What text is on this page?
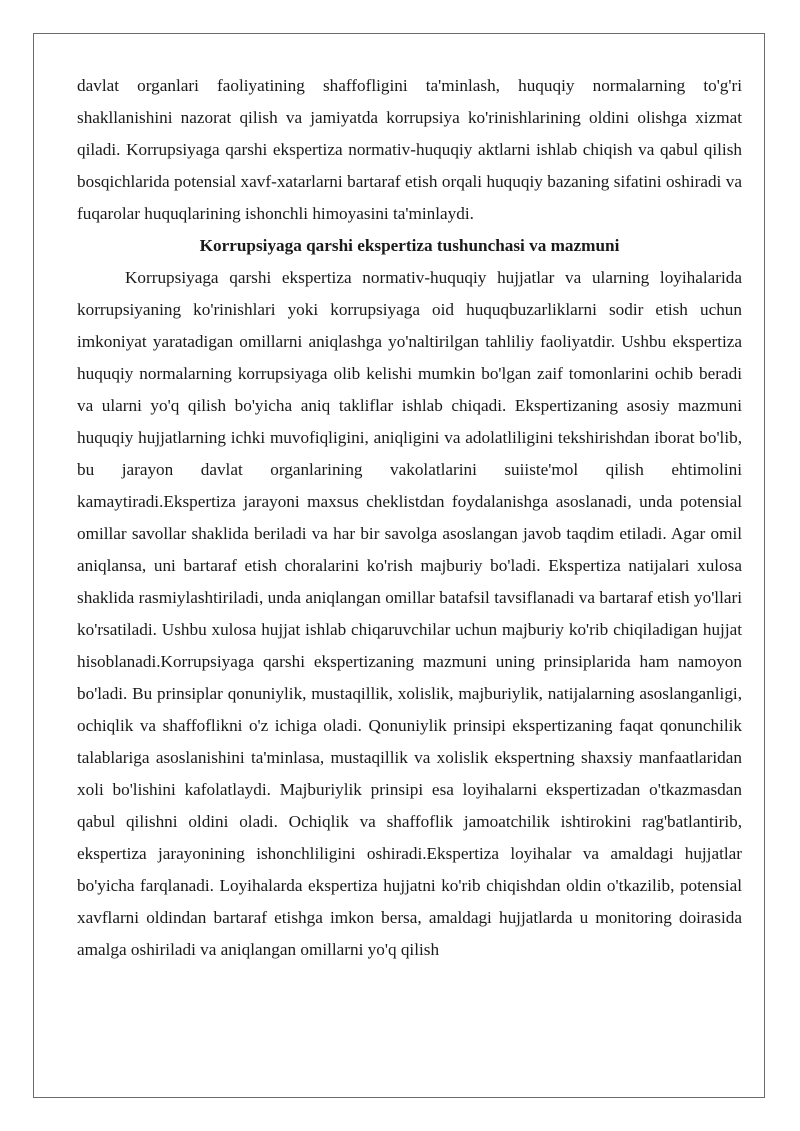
davlat organlari faoliyatining shaffofligini ta'minlash, huquqiy normalarning to'g'ri shakllanishini nazorat qilish va jamiyatda korrupsiya ko'rinishlarining oldini olishga xizmat qiladi. Korrupsiyaga qarshi ekspertiza normativ-huquqiy aktlarni ishlab chiqish va qabul qilish bosqichlarida potensial xavf-xatarlarni bartaraf etish orqali huquqiy bazaning sifatini oshiradi va fuqarolar huquqlarining ishonchli himoyasini ta'minlaydi.

Korrupsiyaga qarshi ekspertiza tushunchasi va mazmuni

Korrupsiyaga qarshi ekspertiza normativ-huquqiy hujjatlar va ularning loyihalarida korrupsiyaning ko'rinishlari yoki korrupsiyaga oid huquqbuzarliklarni sodir etish uchun imkoniyat yaratadigan omillarni aniqlashga yo'naltirilgan tahliliy faoliyatdir. Ushbu ekspertiza huquqiy normalarning korrupsiyaga olib kelishi mumkin bo'lgan zaif tomonlarini ochib beradi va ularni yo'q qilish bo'yicha aniq takliflar ishlab chiqadi. Ekspertizaning asosiy mazmuni huquqiy hujjatlarning ichki muvofiqligini, aniqligini va adolatliligini tekshirishdan iborat bo'lib, bu jarayon davlat organlarining vakolatlarini suiiste'mol qilish ehtimolini kamaytiradi.Ekspertiza jarayoni maxsus cheklistdan foydalanishga asoslanadi, unda potensial omillar savollar shaklida beriladi va har bir savolga asoslangan javob taqdim etiladi. Agar omil aniqlansa, uni bartaraf etish choralarini ko'rish majburiy bo'ladi. Ekspertiza natijalari xulosa shaklida rasmiylashtiriladi, unda aniqlangan omillar batafsil tavsiflanadi va bartaraf etish yo'llari ko'rsatiladi. Ushbu xulosa hujjat ishlab chiqaruvchilar uchun majburiy ko'rib chiqiladigan hujjat hisoblanadi.Korrupsiyaga qarshi ekspertizaning mazmuni uning prinsiplarida ham namoyon bo'ladi. Bu prinsiplar qonuniylik, mustaqillik, xolislik, majburiylik, natijalarning asoslanganligi, ochiqlik va shaffoflikni o'z ichiga oladi. Qonuniylik prinsipi ekspertizaning faqat qonunchilik talablariga asoslanishini ta'minlasa, mustaqillik va xolislik ekspertning shaxsiy manfaatlaridan xoli bo'lishini kafolatlaydi. Majburiylik prinsipi esa loyihalarni ekspertizadan o'tkazmasdan qabul qilishni oldini oladi. Ochiqlik va shaffoflik jamoatchilik ishtirokini rag'batlantirib, ekspertiza jarayonining ishonchliligini oshiradi.Ekspertiza loyihalar va amaldagi hujjatlar bo'yicha farqlanadi. Loyihalarda ekspertiza hujjatni ko'rib chiqishdan oldin o'tkazilib, potensial xavflarni oldindan bartaraf etishga imkon bersa, amaldagi hujjatlarda u monitoring doirasida amalga oshiriladi va aniqlangan omillarni yo'q qilish
